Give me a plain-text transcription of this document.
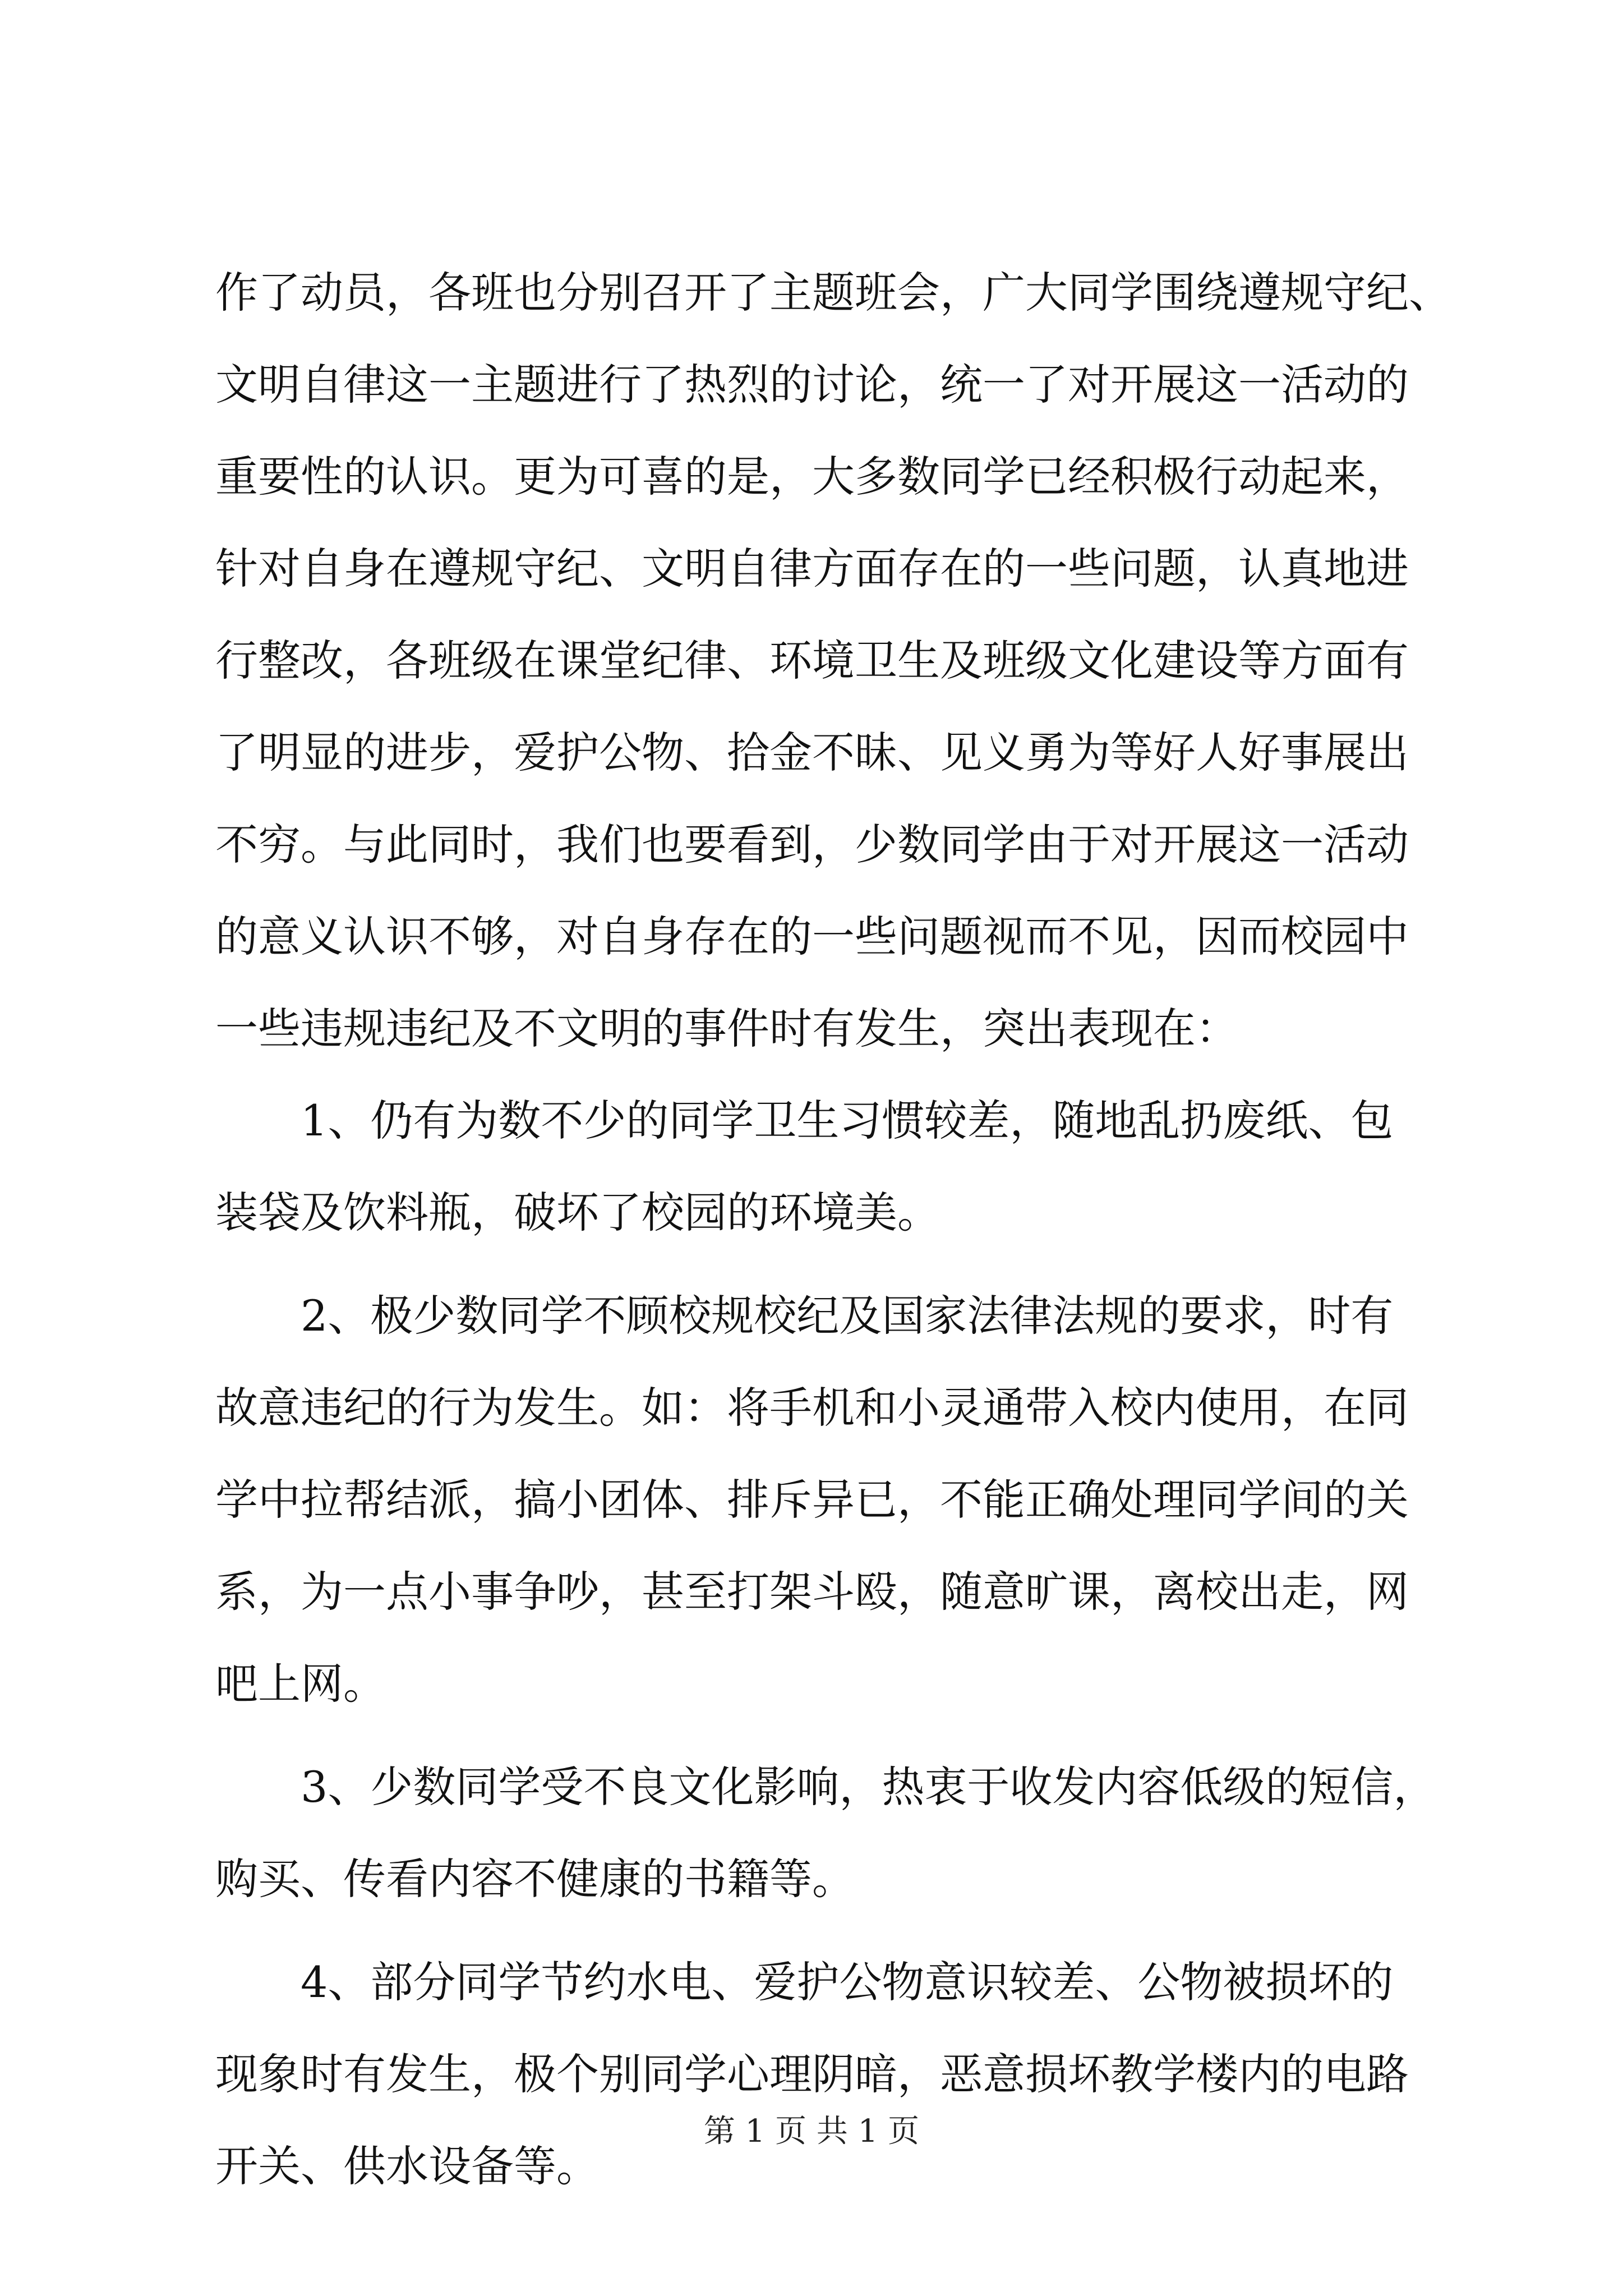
作了动员，各班也分别召开了主题班会，广大同学围绕遵规守纪、
文明自律这一主题进行了热烈的讨论，统一了对开展这一活动的
重要性的认识。更为可喜的是，大多数同学已经积极行动起来，
针对自身在遵规守纪、文明自律方面存在的一些问题，认真地进
行整改，各班级在课堂纪律、环境卫生及班级文化建设等方面有
了明显的进步，爱护公物、拾金不昧、见义勇为等好人好事展出
不穷。与此同时，我们也要看到，少数同学由于对开展这一活动
的意义认识不够，对自身存在的一些问题视而不见，因而校园中
一些违规违纪及不文明的事件时有发生，突出表现在：
　　1、仍有为数不少的同学卫生习惯较差，随地乱扔废纸、包
装袋及饮料瓶，破坏了校园的环境美。
　　2、极少数同学不顾校规校纪及国家法律法规的要求，时有
故意违纪的行为发生。如：将手机和小灵通带入校内使用，在同
学中拉帮结派，搞小团体、排斥异已，不能正确处理同学间的关
系，为一点小事争吵，甚至打架斗殴，随意旷课，离校出走，网
吧上网。
　　3、少数同学受不良文化影响，热衷于收发内容低级的短信，
购买、传看内容不健康的书籍等。
　　4、部分同学节约水电、爱护公物意识较差、公物被损坏的
现象时有发生，极个别同学心理阴暗，恶意损坏教学楼内的电路
开关、供水设备等。
第 1 页 共 1 页
